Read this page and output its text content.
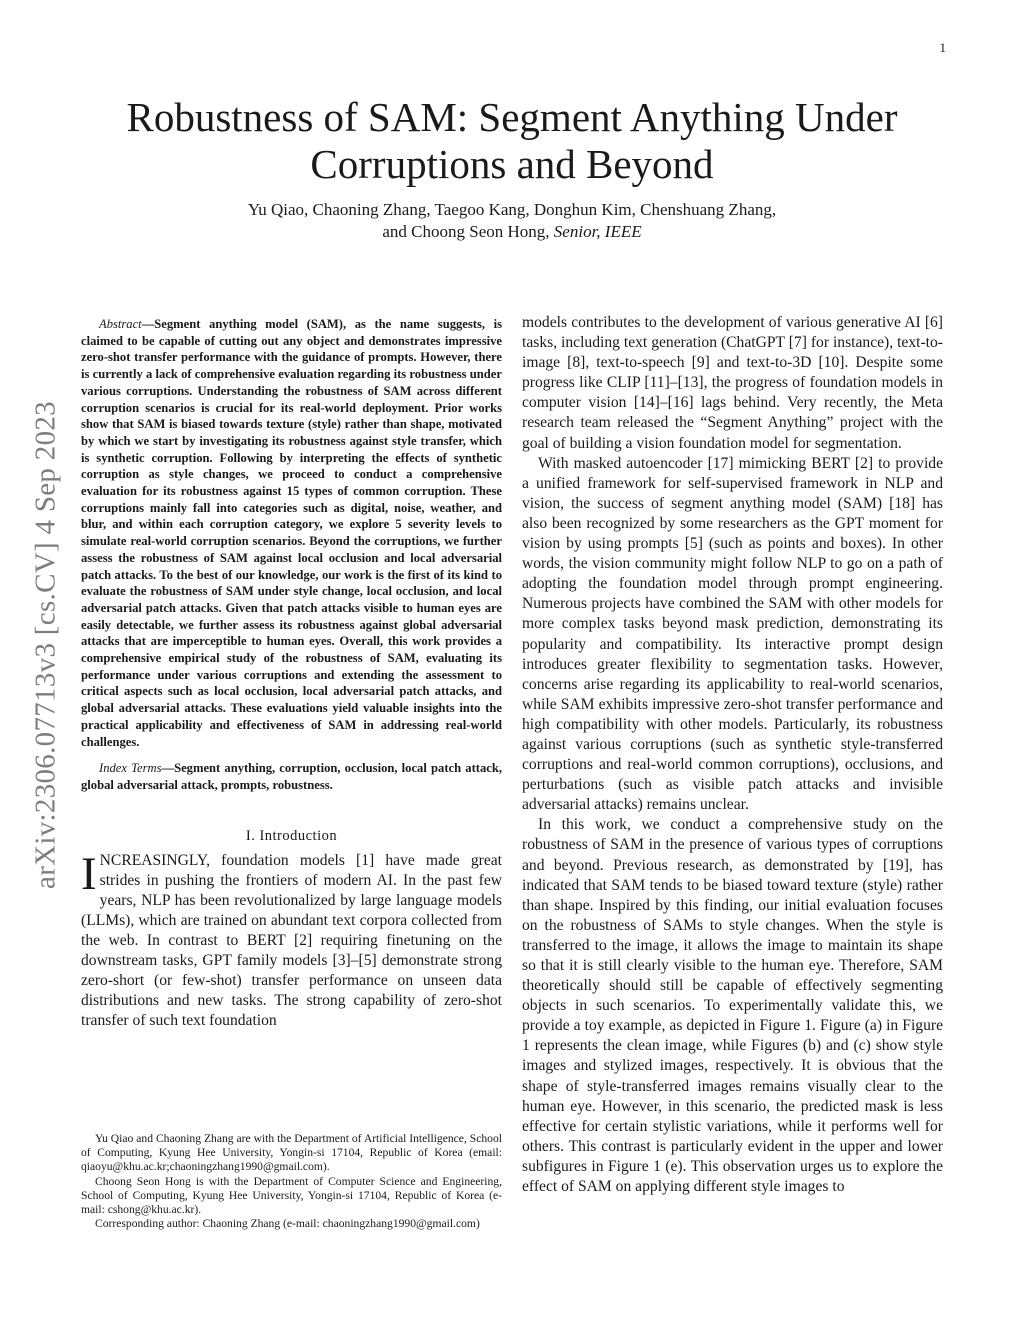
1
arXiv:2306.07713v3 [cs.CV] 4 Sep 2023
Robustness of SAM: Segment Anything Under
Corruptions and Beyond
Yu Qiao, Chaoning Zhang, Taegoo Kang, Donghun Kim, Chenshuang Zhang,
and Choong Seon Hong, Senior, IEEE

Abstract—Segment anything model (SAM), as the name suggests, is claimed to be capable of cutting out any object and demonstrates impressive zero-shot transfer performance with the guidance of prompts. However, there is currently a lack of comprehensive evaluation regarding its robustness under various corruptions. Understanding the robustness of SAM across different corruption scenarios is crucial for its real-world deployment. Prior works show that SAM is biased towards texture (style) rather than shape, motivated by which we start by investigating its robustness against style transfer, which is synthetic corruption. Following by interpreting the effects of synthetic corruption as style changes, we proceed to conduct a comprehensive evaluation for its robustness against 15 types of common corruption. These corruptions mainly fall into categories such as digital, noise, weather, and blur, and within each corruption category, we explore 5 severity levels to simulate real-world corruption scenarios. Beyond the corruptions, we further assess the robustness of SAM against local occlusion and local adversarial patch attacks. To the best of our knowledge, our work is the first of its kind to evaluate the robustness of SAM under style change, local occlusion, and local adversarial patch attacks. Given that patch attacks visible to human eyes are easily detectable, we further assess its robustness against global adversarial attacks that are imperceptible to human eyes. Overall, this work provides a comprehensive empirical study of the robustness of SAM, evaluating its performance under various corruptions and extending the assessment to critical aspects such as local occlusion, local adversarial patch attacks, and global adversarial attacks. These evaluations yield valuable insights into the practical applicability and effectiveness of SAM in addressing real-world challenges.

Index Terms—Segment anything, corruption, occlusion, local patch attack, global adversarial attack, prompts, robustness.

I. Introduction

INCREASINGLY, foundation models [1] have made great strides in pushing the frontiers of modern AI. In the past few years, NLP has been revolutionalized by large language models (LLMs), which are trained on abundant text corpora collected from the web. In contrast to BERT [2] requiring finetuning on the downstream tasks, GPT family models [3]–[5] demonstrate strong zero-short (or few-shot) transfer performance on unseen data distributions and new tasks. The strong capability of zero-shot transfer of such text foundation

Yu Qiao and Chaoning Zhang are with the Department of Artificial Intelligence, School of Computing, Kyung Hee University, Yongin-si 17104, Republic of Korea (email: qiaoyu@khu.ac.kr;chaoningzhang1990@gmail.com).

Choong Seon Hong is with the Department of Computer Science and Engineering, School of Computing, Kyung Hee University, Yongin-si 17104, Republic of Korea (e-mail: cshong@khu.ac.kr).

Corresponding author: Chaoning Zhang (e-mail: chaoningzhang1990@gmail.com)

models contributes to the development of various generative AI [6] tasks, including text generation (ChatGPT [7] for instance), text-to-image [8], text-to-speech [9] and text-to-3D [10]. Despite some progress like CLIP [11]–[13], the progress of foundation models in computer vision [14]–[16] lags behind. Very recently, the Meta research team released the “Segment Anything” project with the goal of building a vision foundation model for segmentation.

With masked autoencoder [17] mimicking BERT [2] to provide a unified framework for self-supervised framework in NLP and vision, the success of segment anything model (SAM) [18] has also been recognized by some researchers as the GPT moment for vision by using prompts [5] (such as points and boxes). In other words, the vision community might follow NLP to go on a path of adopting the foundation model through prompt engineering. Numerous projects have combined the SAM with other models for more complex tasks beyond mask prediction, demonstrating its popularity and compatibility. Its interactive prompt design introduces greater flexibility to segmentation tasks. However, concerns arise regarding its applicability to real-world scenarios, while SAM exhibits impressive zero-shot transfer performance and high compatibility with other models. Particularly, its robustness against various corruptions (such as synthetic style-transferred corruptions and real-world common corruptions), occlusions, and perturbations (such as visible patch attacks and invisible adversarial attacks) remains unclear.

In this work, we conduct a comprehensive study on the robustness of SAM in the presence of various types of corruptions and beyond. Previous research, as demonstrated by [19], has indicated that SAM tends to be biased toward texture (style) rather than shape. Inspired by this finding, our initial evaluation focuses on the robustness of SAMs to style changes. When the style is transferred to the image, it allows the image to maintain its shape so that it is still clearly visible to the human eye. Therefore, SAM theoretically should still be capable of effectively segmenting objects in such scenarios. To experimentally validate this, we provide a toy example, as depicted in Figure 1. Figure (a) in Figure 1 represents the clean image, while Figures (b) and (c) show style images and stylized images, respectively. It is obvious that the shape of style-transferred images remains visually clear to the human eye. However, in this scenario, the predicted mask is less effective for certain stylistic variations, while it performs well for others. This contrast is particularly evident in the upper and lower subfigures in Figure 1 (e). This observation urges us to explore the effect of SAM on applying different style images to
